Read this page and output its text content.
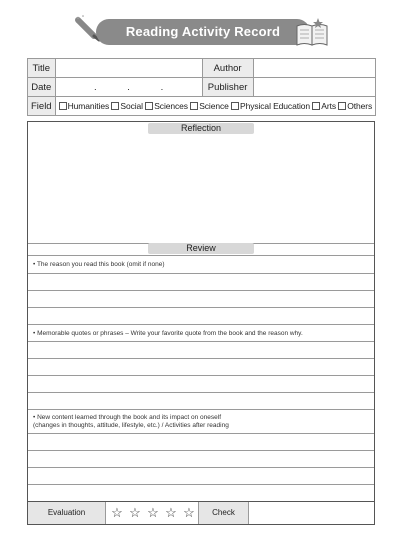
Reading Activity Record
Title		Author	
Date	. . .	Publisher	
Field	Humanities Social Sciences Science Physical Education Arts Others		
Reflection
Review
• The reason you read this book (omit if none)
• Memorable quotes or phrases – Write your favorite quote from the book and the reason why.
• New content learned through the book and its impact on oneself
(changes in thoughts, attitude, lifestyle, etc.) / Activities after reading
Evaluation	☆ ☆ ☆ ☆ ☆	Check
